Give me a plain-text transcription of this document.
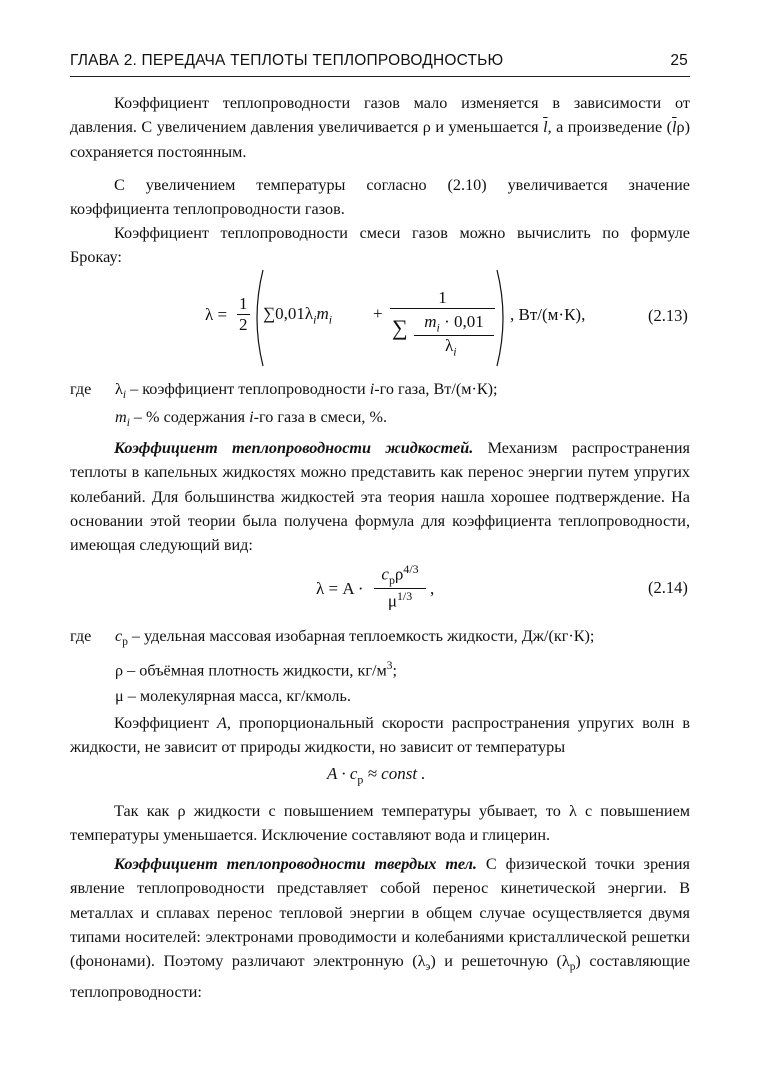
ГЛАВА 2. ПЕРЕДАЧА ТЕПЛОТЫ ТЕПЛОПРОВОДНОСТЬЮ	25

Коэффициент теплопроводности газов мало изменяется в зависимости от давления. С увеличением давления увеличивается ρ и уменьшается $\overline{l}$, а произведение $(\overline{l}\rho)$ сохраняется постоянным.

С увеличением температуры согласно (2.10) увеличивается значение коэффициента теплопроводности газов.

Коэффициент теплопроводности смеси газов можно вычислить по формуле Брокау:

$\lambda = \frac{1}{2} \sum 0,01\lambda_im_i$ +
1
∑ $m_i \cdot 0,01$
$\lambda_i$
, Вт/(м·К),	(2.13)
где $\lambda_i$ – коэффициент теплопроводности i-го газа, Вт/(м·К);
$m_i$ – % содержания i-го газа в смеси, %.

Коэффициент теплопроводности жидкостей. Механизм распространения теплоты в капельных жидкостях можно представить как перенос энергии путем упругих колебаний. Для большинства жидкостей эта теория нашла хорошее подтверждение. На основании этой теории была получена формула для коэффициента теплопроводности, имеющая следующий вид:

λ = A ·
$c_p\rho^{4/3}$
$\mu^{1/3}$	,	(2.14)
где $c_p$ – удельная массовая изобарная теплоемкость жидкости, Дж/(кг·К);
ρ – объёмная плотность жидкости, $кг/м^3$;
μ – молекулярная масса, кг/кмоль.

Коэффициент A, пропорциональный скорости распространения упругих волн в жидкости, не зависит от природы жидкости, но зависит от температуры

$A \cdot c_p$ ≈ const .

Так как ρ жидкости с повышением температуры убывает, то λ с повышением температуры уменьшается. Исключение составляют вода и глицерин.

Коэффициент теплопроводности твердых тел. С физической точки зрения явление теплопроводности представляет собой перенос кинетической энергии. В металлах и сплавах перенос тепловой энергии в общем случае осуществляется двумя типами носителей: электронами проводимости и колебаниями кристаллической решетки (фононами). Поэтому различают электронную $(\lambda_э)$ и решеточную $(\lambda_р)$ составляющие теплопроводности:
